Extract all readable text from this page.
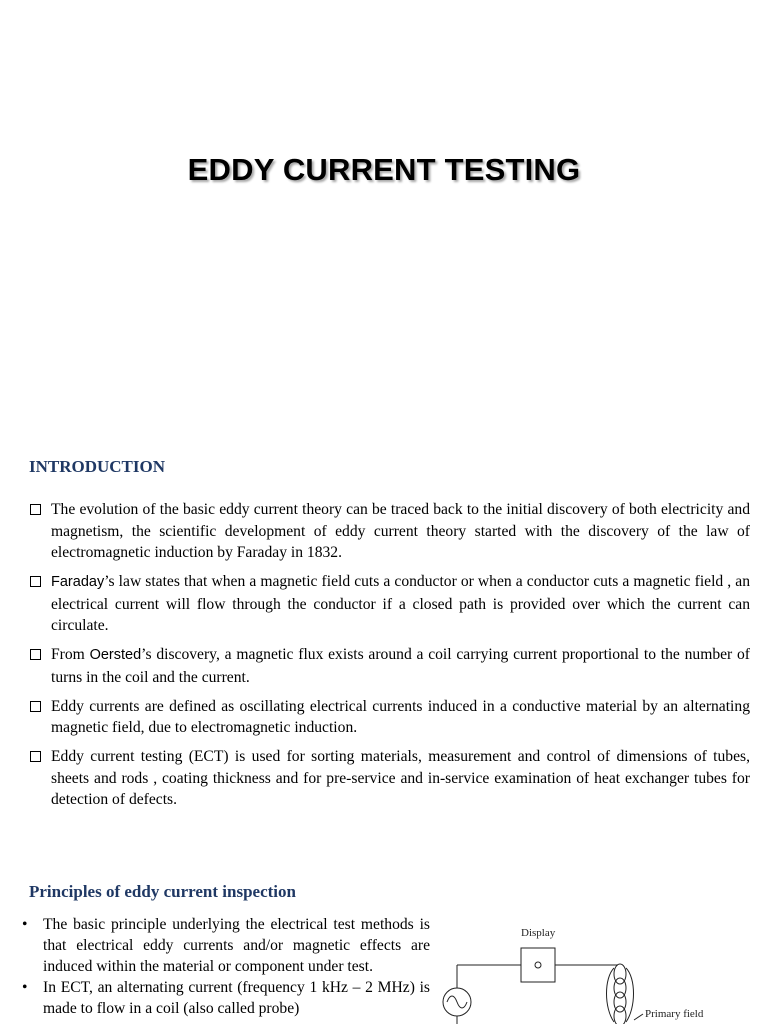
EDDY CURRENT TESTING
INTRODUCTION
The evolution of the basic eddy current theory can be traced back to the initial discovery of both electricity and magnetism, the scientific development of eddy current theory started with the discovery of the law of electromagnetic induction by Faraday in 1832.
Faraday’s law states that when a magnetic field cuts a conductor or when a conductor cuts a magnetic field , an electrical current will flow through the conductor if a closed path is provided over which the current can circulate.
From Oersted’s discovery, a magnetic flux exists around a coil carrying current proportional to the number of turns in the coil and the current.
Eddy currents are defined as oscillating electrical currents induced in a conductive material by an alternating magnetic field, due to electromagnetic induction.
Eddy current testing (ECT) is used for sorting materials, measurement and control of dimensions of tubes, sheets and rods , coating thickness and for pre-service and in-service examination of heat exchanger tubes for detection of defects.
Principles of eddy current inspection
• The basic principle underlying the electrical test methods is that electrical eddy currents and/or magnetic effects are induced within the material or component under test.
• In ECT, an alternating current (frequency 1 kHz – 2 MHz) is made to flow in a coil (also called probe)
Display
Primary field
